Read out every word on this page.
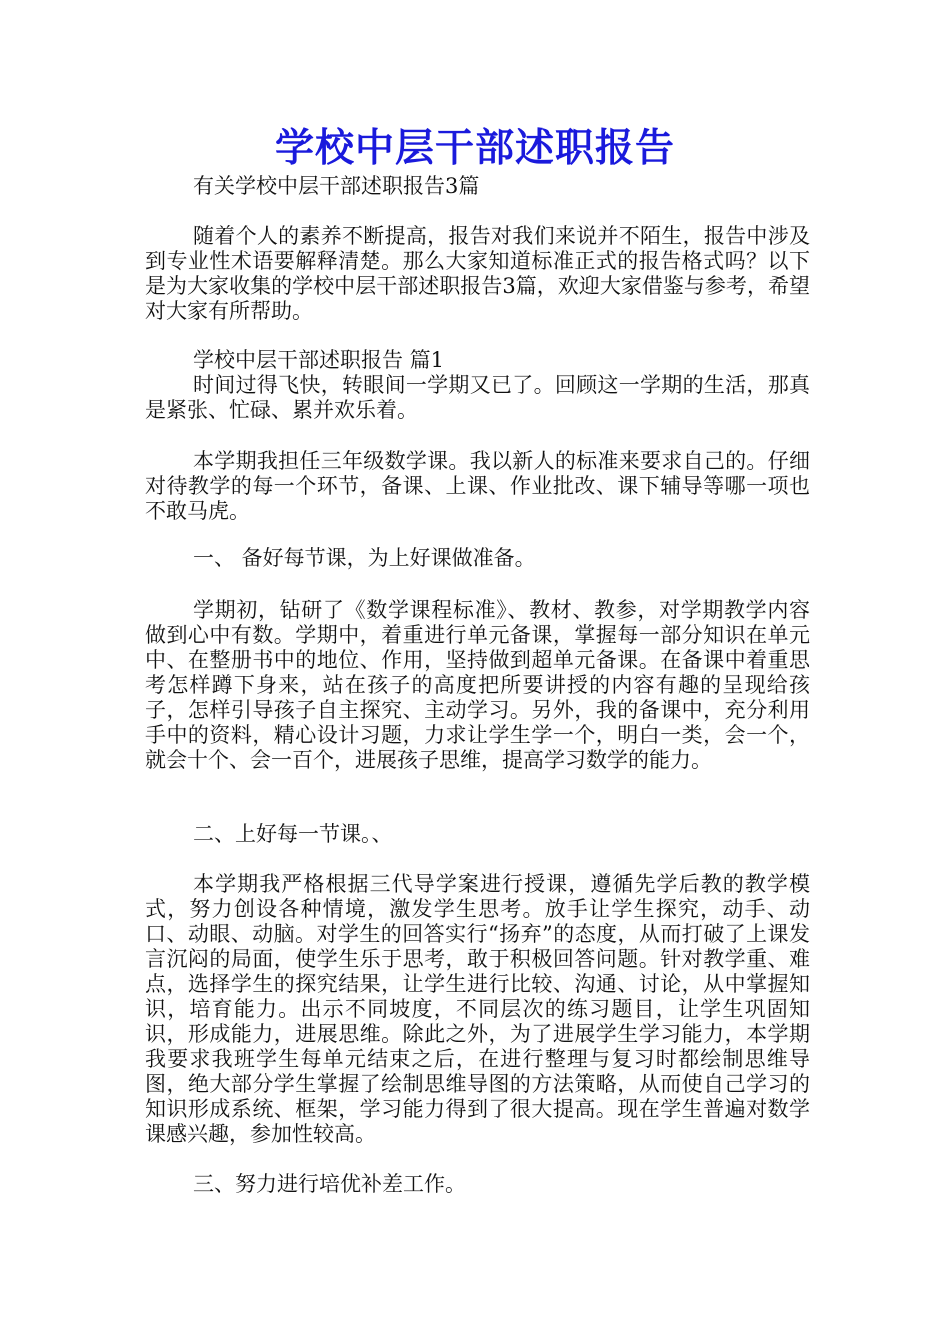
学校中层干部述职报告

有关学校中层干部述职报告3篇

随着个人的素养不断提高，报告对我们来说并不陌生，报告中涉及到专业性术语要解释清楚。那么大家知道标准正式的报告格式吗？以下是为大家收集的学校中层干部述职报告3篇，欢迎大家借鉴与参考，希望对大家有所帮助。

学校中层干部述职报告 篇1

时间过得飞快，转眼间一学期又已了。回顾这一学期的生活，那真是紧张、忙碌、累并欢乐着。

本学期我担任三年级数学课。我以新人的标准来要求自己的。仔细对待教学的每一个环节，备课、上课、作业批改、课下辅导等哪一项也不敢马虎。

一、 备好每节课，为上好课做准备。

学期初，钻研了《数学课程标准》、教材、教参，对学期教学内容做到心中有数。学期中，着重进行单元备课，掌握每一部分知识在单元中、在整册书中的地位、作用，坚持做到超单元备课。在备课中着重思考怎样蹲下身来，站在孩子的高度把所要讲授的内容有趣的呈现给孩子，怎样引导孩子自主探究、主动学习。另外，我的备课中，充分利用手中的资料，精心设计习题，力求让学生学一个，明白一类，会一个，就会十个、会一百个，进展孩子思维，提高学习数学的能力。

二、上好每一节课。、

本学期我严格根据三代导学案进行授课，遵循先学后教的教学模式，努力创设各种情境，激发学生思考。放手让学生探究，动手、动口、动眼、动脑。对学生的回答实行“扬弃”的态度，从而打破了上课发言沉闷的局面，使学生乐于思考，敢于积极回答问题。针对教学重、难点，选择学生的探究结果，让学生进行比较、沟通、讨论，从中掌握知识，培育能力。出示不同坡度，不同层次的练习题目，让学生巩固知识，形成能力，进展思维。除此之外，为了进展学生学习能力，本学期我要求我班学生每单元结束之后，在进行整理与复习时都绘制思维导图，绝大部分学生掌握了绘制思维导图的方法策略，从而使自己学习的知识形成系统、框架，学习能力得到了很大提高。现在学生普遍对数学课感兴趣，参加性较高。

三、努力进行培优补差工作。
